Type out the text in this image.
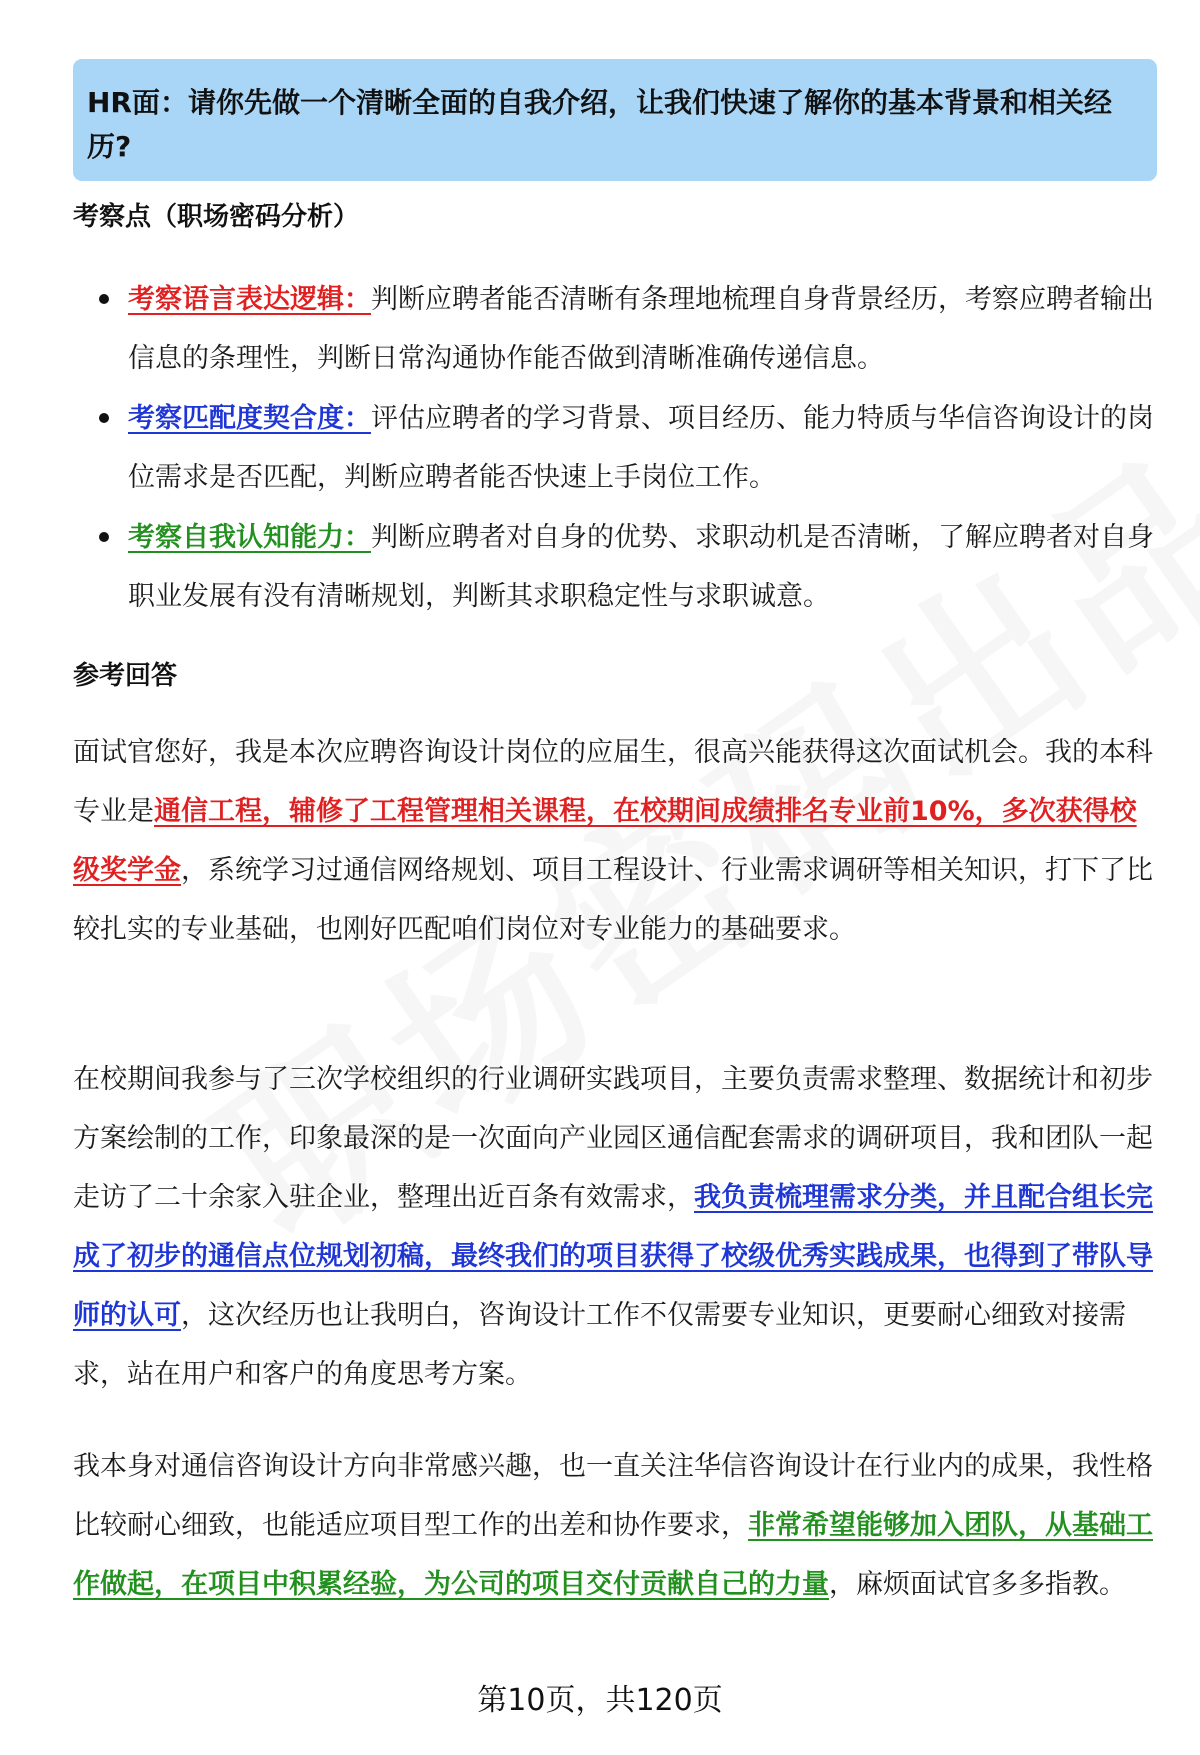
HR面：请你先做一个清晰全面的自我介绍，让我们快速了解你的基本背景和相关经历?
考察点（职场密码分析）
考察语言表达逻辑：判断应聘者能否清晰有条理地梳理自身背景经历，考察应聘者输出信息的条理性，判断日常沟通协作能否做到清晰准确传递信息。
考察匹配度契合度：评估应聘者的学习背景、项目经历、能力特质与华信咨询设计的岗位需求是否匹配，判断应聘者能否快速上手岗位工作。
考察自我认知能力：判断应聘者对自身的优势、求职动机是否清晰，了解应聘者对自身职业发展有没有清晰规划，判断其求职稳定性与求职诚意。
参考回答
面试官您好，我是本次应聘咨询设计岗位的应届生，很高兴能获得这次面试机会。我的本科专业是通信工程，辅修了工程管理相关课程，在校期间成绩排名专业前10%，多次获得校级奖学金，系统学习过通信网络规划、项目工程设计、行业需求调研等相关知识，打下了比较扎实的专业基础，也刚好匹配咱们岗位对专业能力的基础要求。
在校期间我参与了三次学校组织的行业调研实践项目，主要负责需求整理、数据统计和初步方案绘制的工作，印象最深的是一次面向产业园区通信配套需求的调研项目，我和团队一起走访了二十余家入驻企业，整理出近百条有效需求，我负责梳理需求分类，并且配合组长完成了初步的通信点位规划初稿，最终我们的项目获得了校级优秀实践成果，也得到了带队导师的认可，这次经历也让我明白，咨询设计工作不仅需要专业知识，更要耐心细致对接需求，站在用户和客户的角度思考方案。
我本身对通信咨询设计方向非常感兴趣，也一直关注华信咨询设计在行业内的成果，我性格比较耐心细致，也能适应项目型工作的出差和协作要求，非常希望能够加入团队，从基础工作做起，在项目中积累经验，为公司的项目交付贡献自己的力量，麻烦面试官多多指教。
第10页，共120页
